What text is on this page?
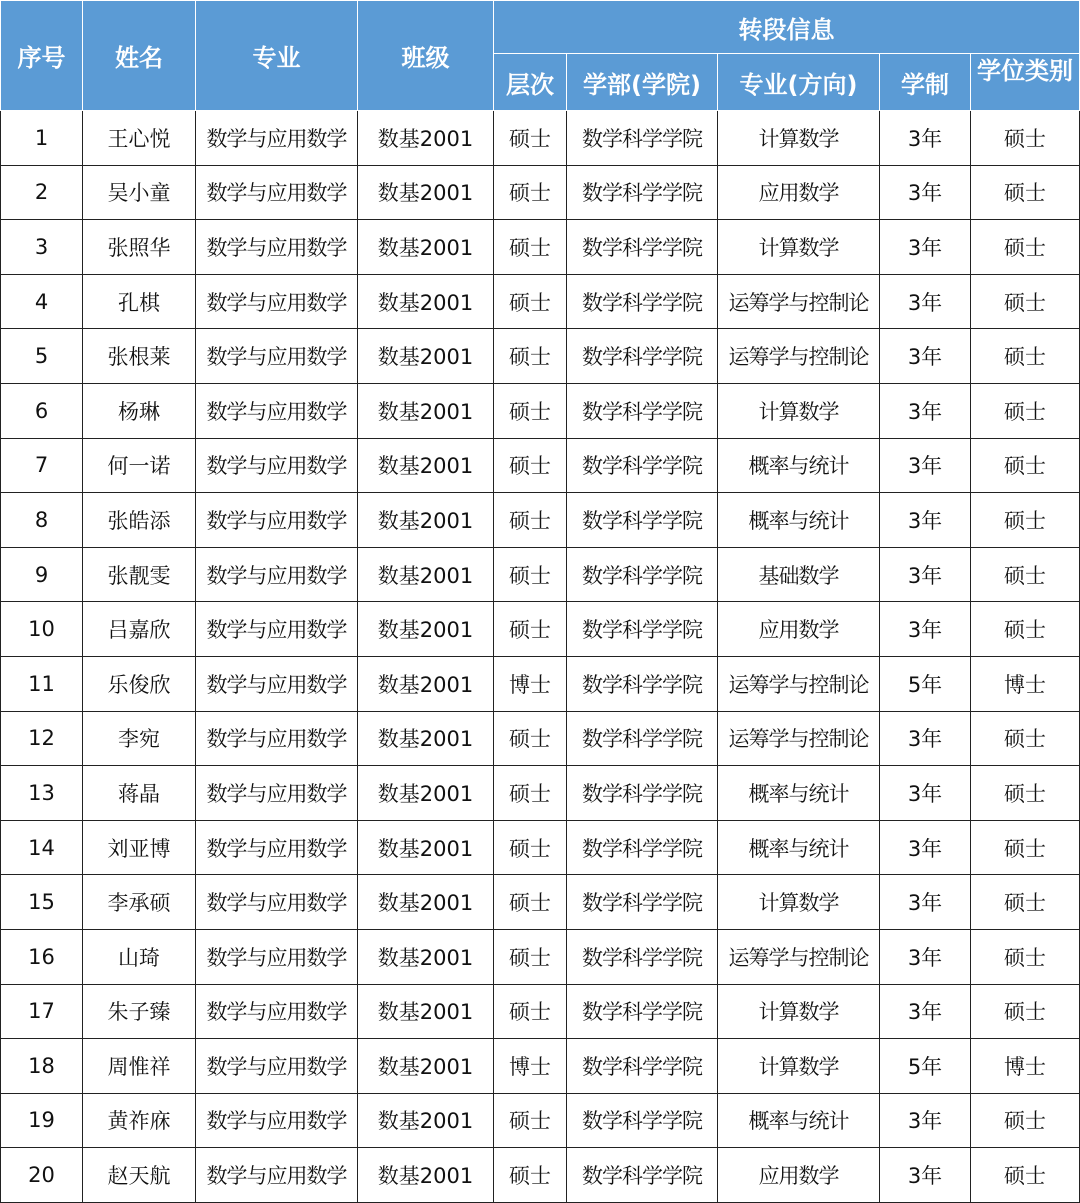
序号	姓名	专业	班级	转段信息				
				层次	学部(学院)	专业(方向)	学制	学位类别
1	王心悦	数学与应用数学	数基2001	硕士	数学科学学院	计算数学	3年	硕士
2	吴小童	数学与应用数学	数基2001	硕士	数学科学学院	应用数学	3年	硕士
3	张照华	数学与应用数学	数基2001	硕士	数学科学学院	计算数学	3年	硕士
4	孔棋	数学与应用数学	数基2001	硕士	数学科学学院	运筹学与控制论	3年	硕士
5	张根莱	数学与应用数学	数基2001	硕士	数学科学学院	运筹学与控制论	3年	硕士
6	杨琳	数学与应用数学	数基2001	硕士	数学科学学院	计算数学	3年	硕士
7	何一诺	数学与应用数学	数基2001	硕士	数学科学学院	概率与统计	3年	硕士
8	张皓添	数学与应用数学	数基2001	硕士	数学科学学院	概率与统计	3年	硕士
9	张靓雯	数学与应用数学	数基2001	硕士	数学科学学院	基础数学	3年	硕士
10	吕嘉欣	数学与应用数学	数基2001	硕士	数学科学学院	应用数学	3年	硕士
11	乐俊欣	数学与应用数学	数基2001	博士	数学科学学院	运筹学与控制论	5年	博士
12	李宛	数学与应用数学	数基2001	硕士	数学科学学院	运筹学与控制论	3年	硕士
13	蒋晶	数学与应用数学	数基2001	硕士	数学科学学院	概率与统计	3年	硕士
14	刘亚博	数学与应用数学	数基2001	硕士	数学科学学院	概率与统计	3年	硕士
15	李承硕	数学与应用数学	数基2001	硕士	数学科学学院	计算数学	3年	硕士
16	山琦	数学与应用数学	数基2001	硕士	数学科学学院	运筹学与控制论	3年	硕士
17	朱子臻	数学与应用数学	数基2001	硕士	数学科学学院	计算数学	3年	硕士
18	周惟祥	数学与应用数学	数基2001	博士	数学科学学院	计算数学	5年	博士
19	黄祚庥	数学与应用数学	数基2001	硕士	数学科学学院	概率与统计	3年	硕士
20	赵天航	数学与应用数学	数基2001	硕士	数学科学学院	应用数学	3年	硕士
